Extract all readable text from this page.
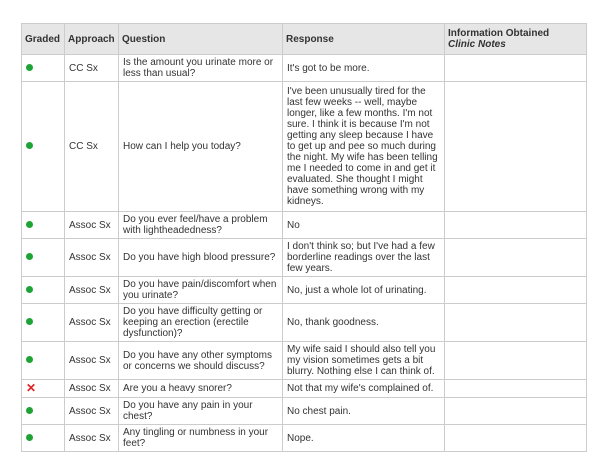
Graded	Approach	Question	Response	Information Obtained
Clinic Notes

	CC Sx	Is the amount you urinate more or less than usual?	It's got to be more.	
	CC Sx	How can I help you today?	I've been unusually tired for the last few weeks -- well, maybe longer, like a few months. I'm not sure. I think it is because I'm not getting any sleep because I have to get up and pee so much during the night. My wife has been telling me I needed to come in and get it evaluated. She thought I might have something wrong with my kidneys.	
	Assoc Sx	Do you ever feel/have a problem with lightheadedness?	No	
	Assoc Sx	Do you have high blood pressure?	I don't think so; but I've had a few borderline readings over the last few years.	
	Assoc Sx	Do you have pain/discomfort when you urinate?	No, just a whole lot of urinating.	
	Assoc Sx	Do you have difficulty getting or keeping an erection (erectile dysfunction)?	No, thank goodness.	
	Assoc Sx	Do you have any other symptoms or concerns we should discuss?	My wife said I should also tell you my vision sometimes gets a bit blurry. Nothing else I can think of.	
✕	Assoc Sx	Are you a heavy snorer?	Not that my wife's complained of.	
	Assoc Sx	Do you have any pain in your chest?	No chest pain.	
	Assoc Sx	Any tingling or numbness in your feet?	Nope.	
